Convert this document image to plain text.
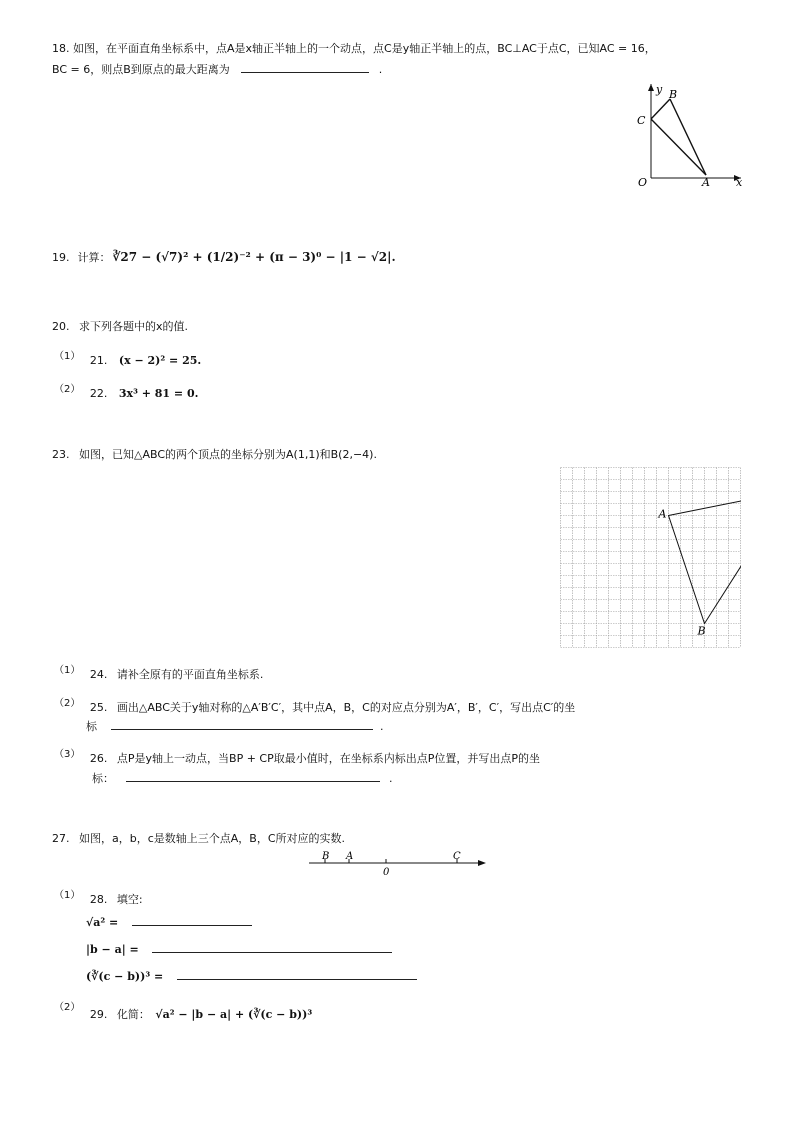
18. 如图，在平面直角坐标系中，点A是x轴正半轴上的一个动点，点C是y轴正半轴上的点，BC⊥AC于点C，已知AC = 16，
BC = 6，则点B到原点的最大距离为	.
y
x
O	A
B
C
19. 计算： ∛27 − (√7)² + (1/2)⁻² + (π − 3)⁰ − |1 − √2|.
20. 求下列各题中的x的值.
（1） 21. (x − 2)² = 25.
（2） 22. 3x³ + 81 = 0.
23. 如图，已知△ABC的两个顶点的坐标分别为A(1,1)和B(2,−4).
A
B
（1） 24. 请补全原有的平面直角坐标系.
（2） 25. 画出△ABC关于y轴对称的△A′B′C′，其中点A，B，C的对应点分别为A′，B′，C′，写出点C′的坐
标	.
（3） 26. 点P是y轴上一动点，当BP + CP取最小值时，在坐标系内标出点P位置，并写出点P的坐
标：	.
27. 如图，a，b，c是数轴上三个点A，B，C所对应的实数.
B A
0
C
（1） 28. 填空:
√a² =
|b − a| =
(∛(c − b))³ =
（2） 29. 化简： √a² − |b − a| + (∛(c − b))³
